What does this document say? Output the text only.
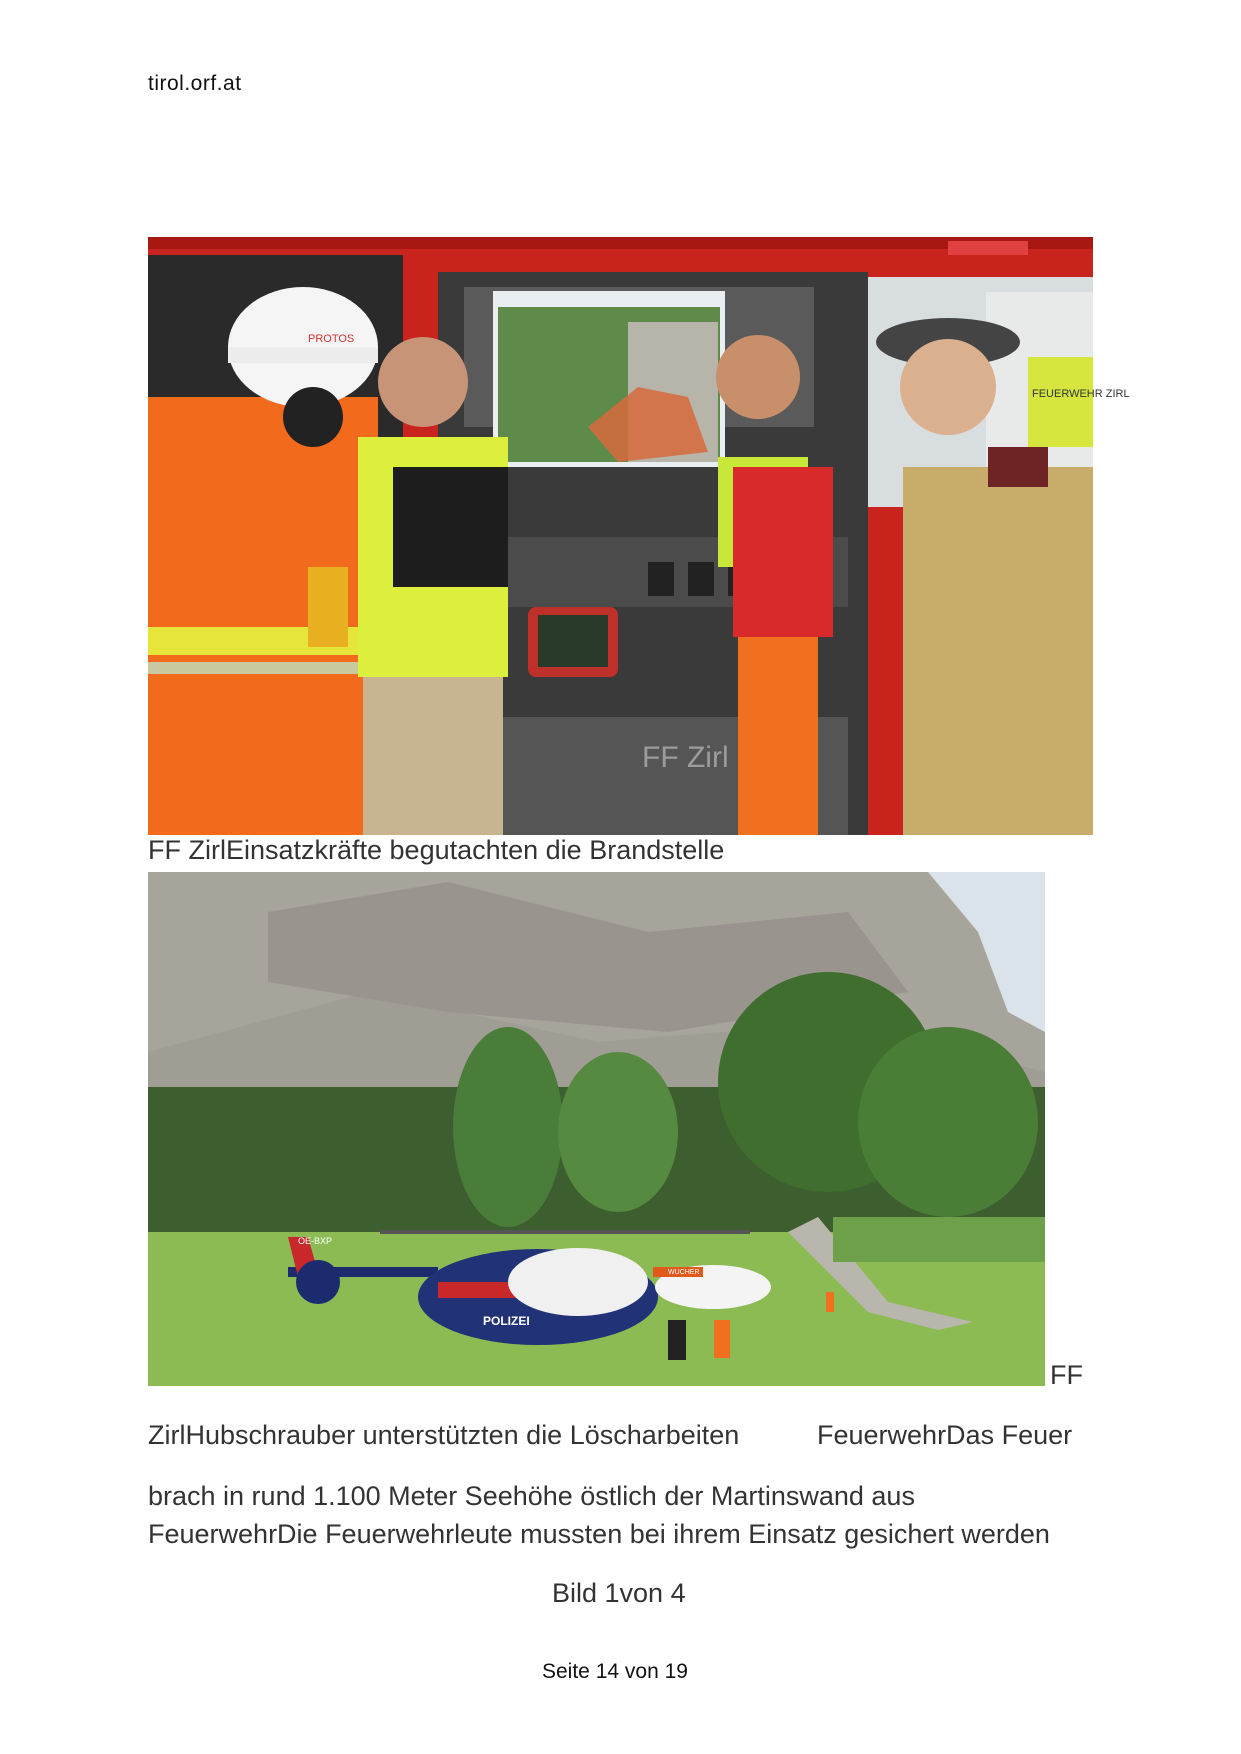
tirol.orf.at
FF Zirl
PROTOS
FEUERWEHR ZIRL
FF ZirlEinsatzkräfte begutachten die Brandstelle
POLIZEI
OE-BXP
WUCHER
FF
ZirlHubschrauber unterstützten die Löscharbeiten	FeuerwehrDas Feuer
brach in rund 1.100 Meter Seehöhe östlich der Martinswand aus
FeuerwehrDie Feuerwehrleute mussten bei ihrem Einsatz gesichert werden
Bild 1von 4
Seite 14 von 19
